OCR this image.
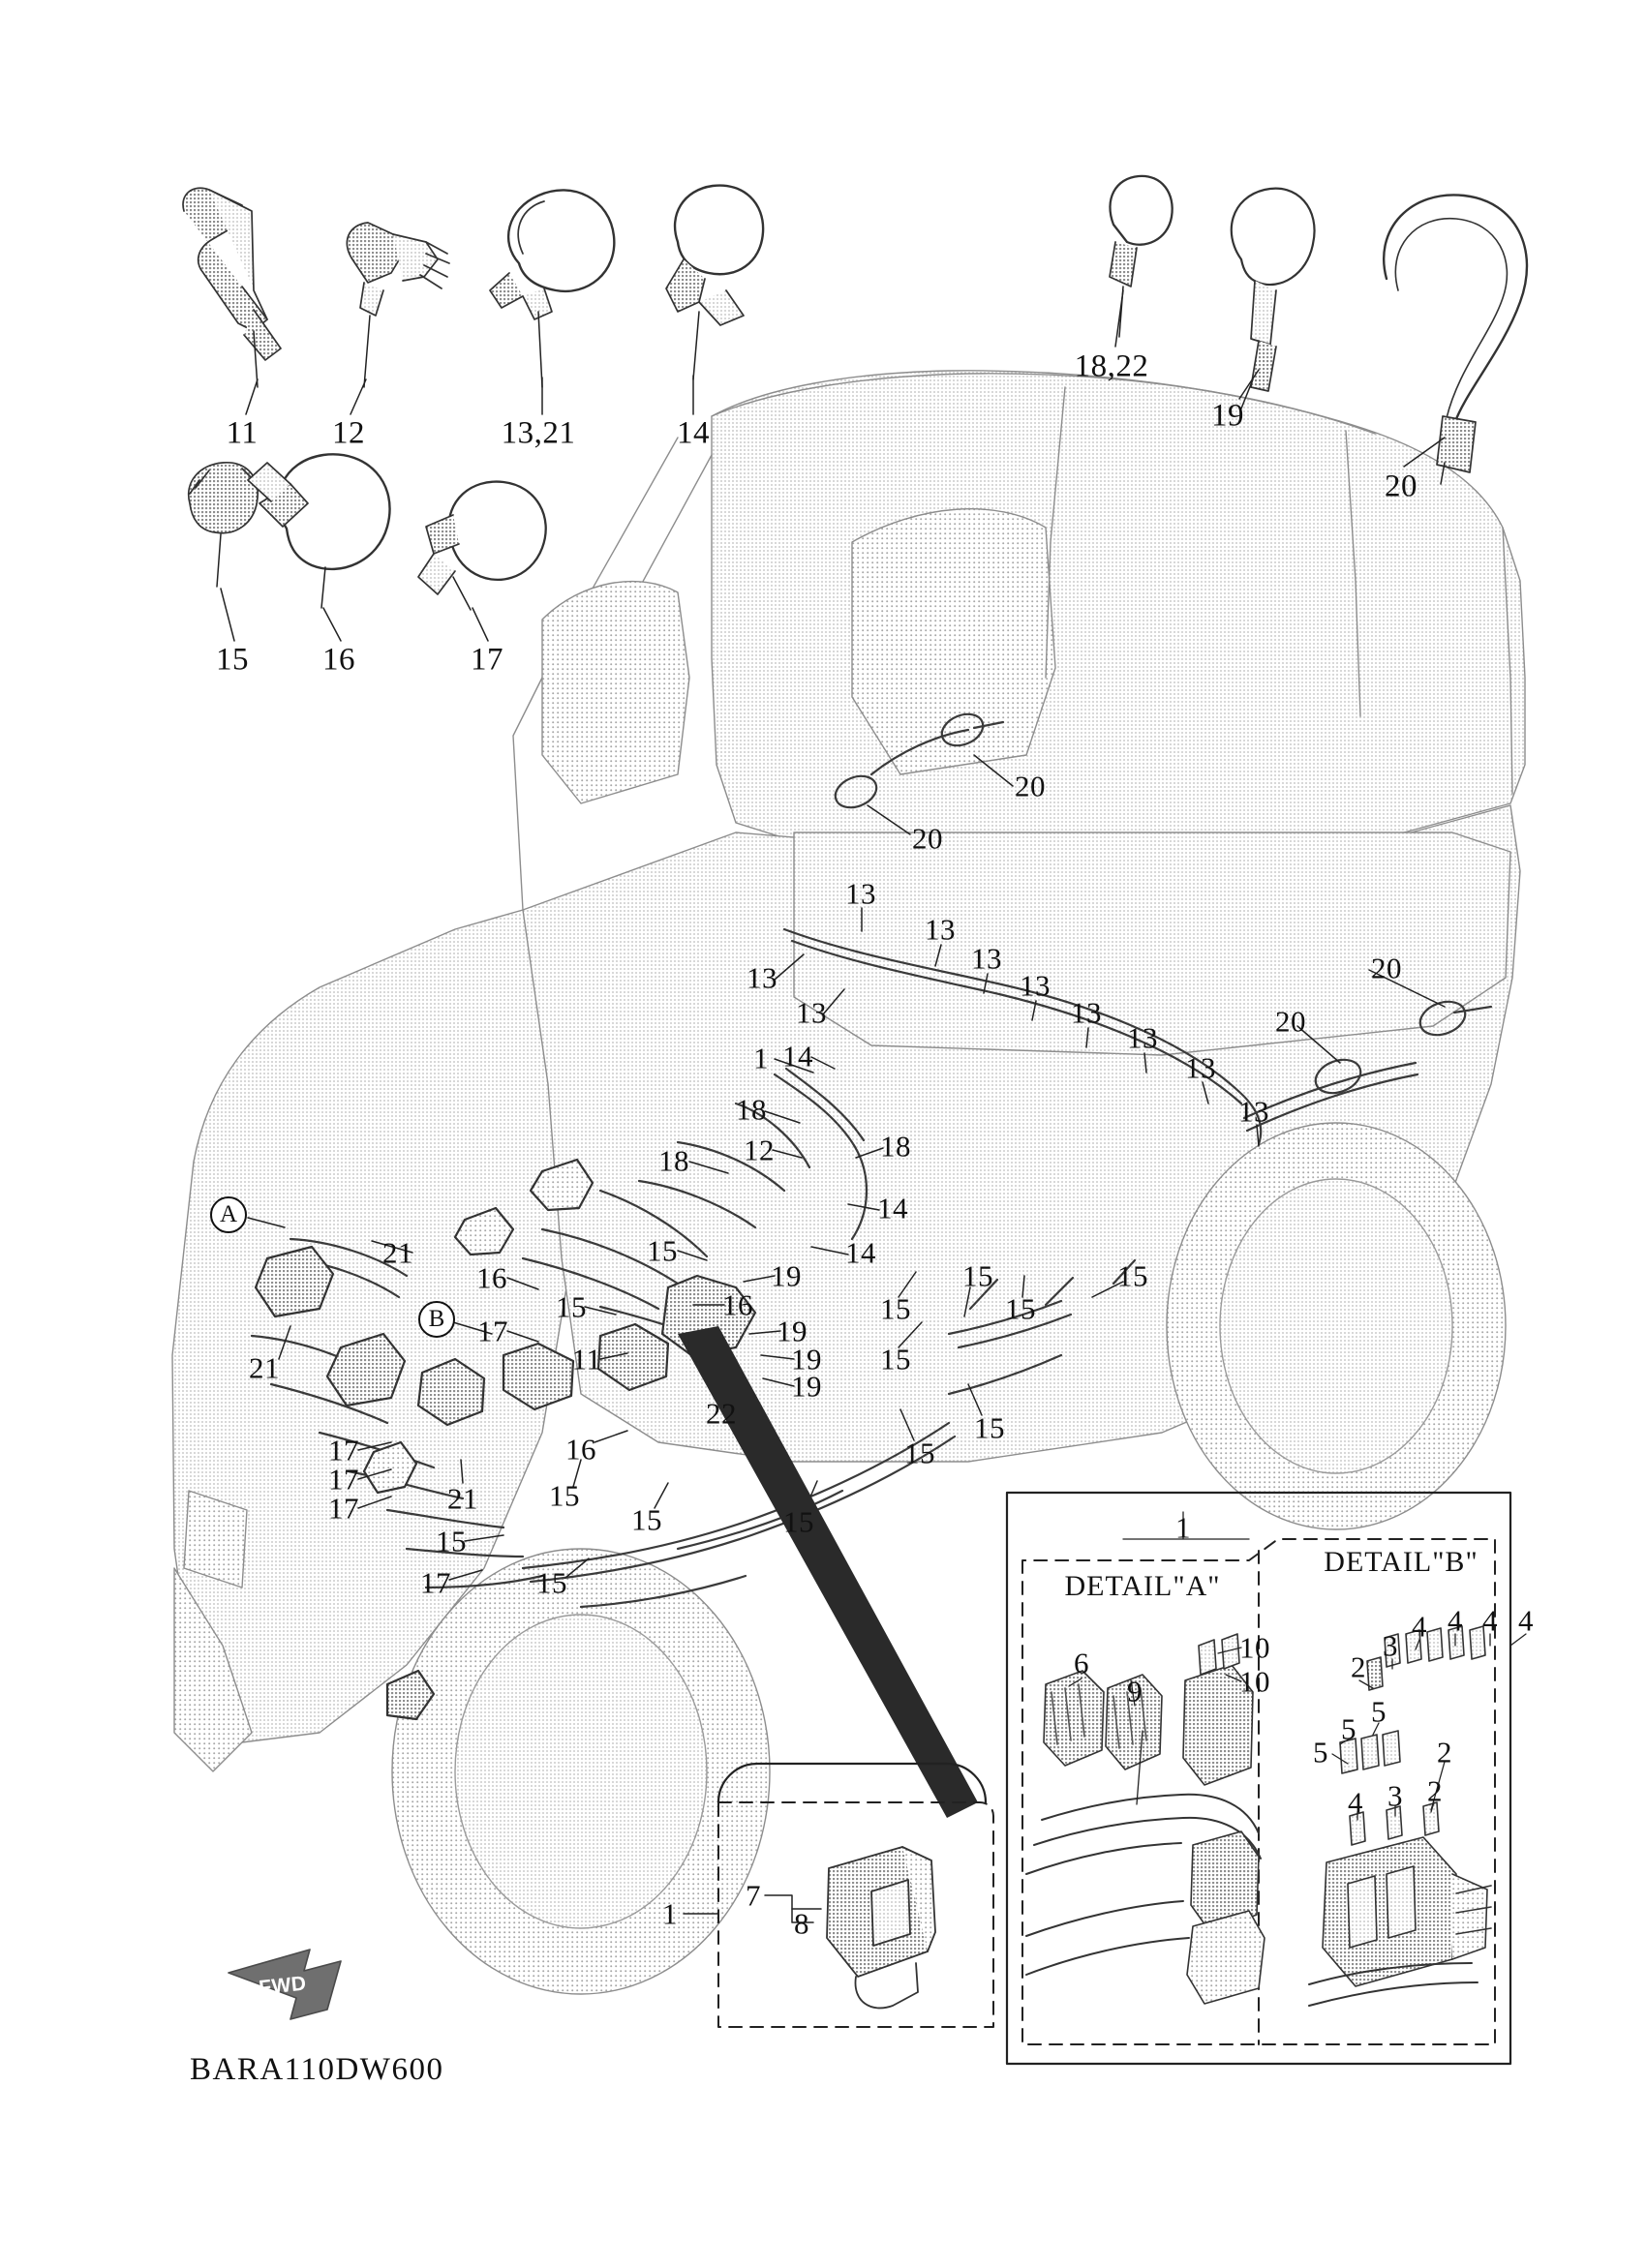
A
B
DETAIL"A"
DETAIL"B"
BARA110DW600
FWD
11 12	13,21	14
18,22
19
20
15 16	17
20
20
13
13
13
13	13
13	13
13
13
13
20
20
1 14
18
12
18	18
14
15	14
21
16	19
15	16
19
15
15
15
15
17
19 15
11
21
19
22	15
16	15
17
17
17	21 15
15	15
15
17	15
1
6
9
10
10	2
3
4 4 4 4
5
5
5	2
4 3 2
7
8
1
